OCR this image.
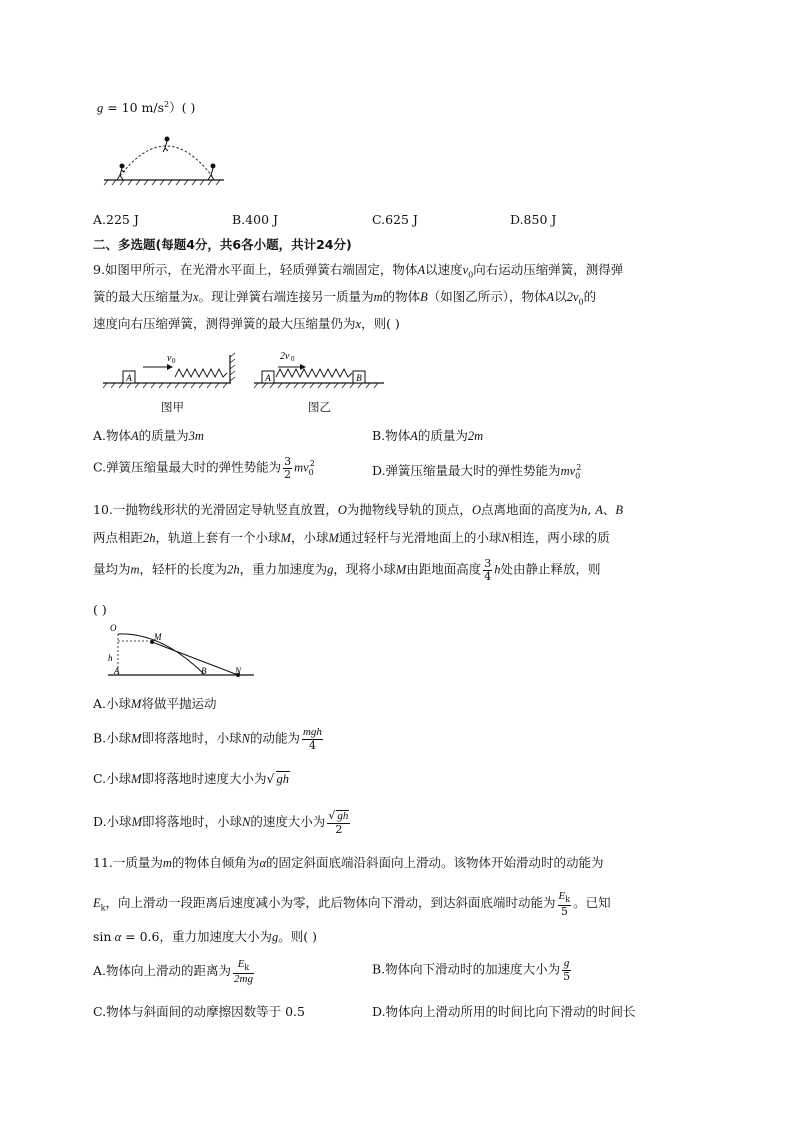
g = 10 $m/s^2$）( )
A.225 J	B.400 J	C.625 J	D.850 J
二、多选题(每题4分，共6各小题，共计24分)
9.如图甲所示，在光滑水平面上，轻质弹簧右端固定，物体A以速度$v_0$向右运动压缩弹簧，测得弹
簧的最大压缩量为x。现让弹簧右端连接另一质量为m的物体B（如图乙所示），物体A以$2v_0$的
速度向右压缩弹簧，测得弹簧的最大压缩量仍为x，则( )
A
v 0
图甲
A	B
2v 0
图乙
A.物体A的质量为3m	B.物体A的质量为2m
C.弹簧压缩量最大时的弹性势能为 $\frac{3}{2} mv_0^2$	D.弹簧压缩量最大时的弹性势能为$mv_0^2$
10.一抛物线形状的光滑固定导轨竖直放置，O为抛物线导轨的顶点，O点离地面的高度为h, A、B
两点相距2h，轨道上套有一个小球M，小球M通过轻杆与光滑地面上的小球N相连，两小球的质
量均为m，轻杆的长度为2h，重力加速度为g，现将小球M由距地面高度 $\frac{3}{4}$ h处由静止释放，则
( )
O
M
h
A	B	N
A.小球M将做平抛运动
B.小球M即将落地时，小球N的动能为 $\frac{\text{mgh}}{4}$
C.小球M即将落地时速度大小为√ gh
D.小球M即将落地时，小球N的速度大小为 $\frac{√ gh}{2}$
11.一质量为m的物体自倾角为α的固定斜面底端沿斜面向上滑动。该物体开始滑动时的动能为
$E_k$，向上滑动一段距离后速度减小为零，此后物体向下滑动，到达斜面底端时动能为 $\frac{E_k}{5}$ 。已知
sin α = 0.6，重力加速度大小为g。则( )
A.物体向上滑动的距离为 $\frac{E_k}{2mg}$	B.物体向下滑动时的加速度大小为 $\frac{g}{5}$
C.物体与斜面间的动摩擦因数等于 0.5	D.物体向上滑动所用的时间比向下滑动的时间长
